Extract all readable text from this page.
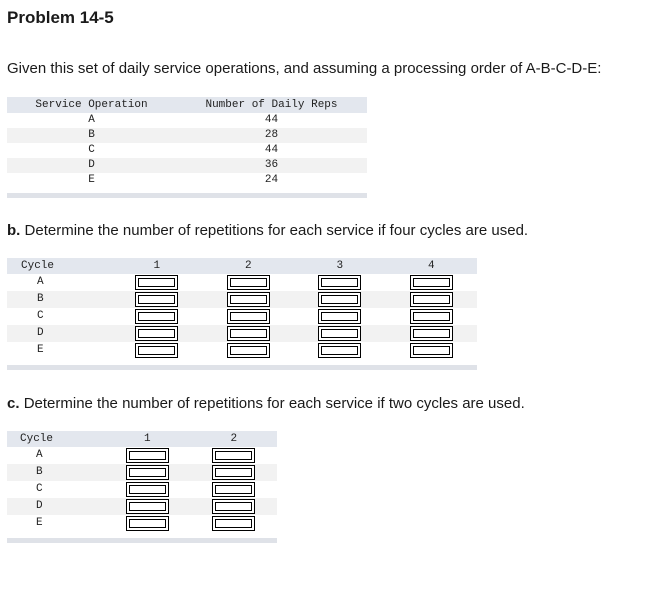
Problem 14-5
Given this set of daily service operations, and assuming a processing order of A-B-C-D-E:
Service Operation	Number of Daily Reps
A	44
B	28
C	44
D	36
E	24
b. Determine the number of repetitions for each service if four cycles are used.
Cycle	1	2	3	4
A				
B				
C				
D				
E				
c. Determine the number of repetitions for each service if two cycles are used.
Cycle	1	2
A		
B		
C		
D		
E		
